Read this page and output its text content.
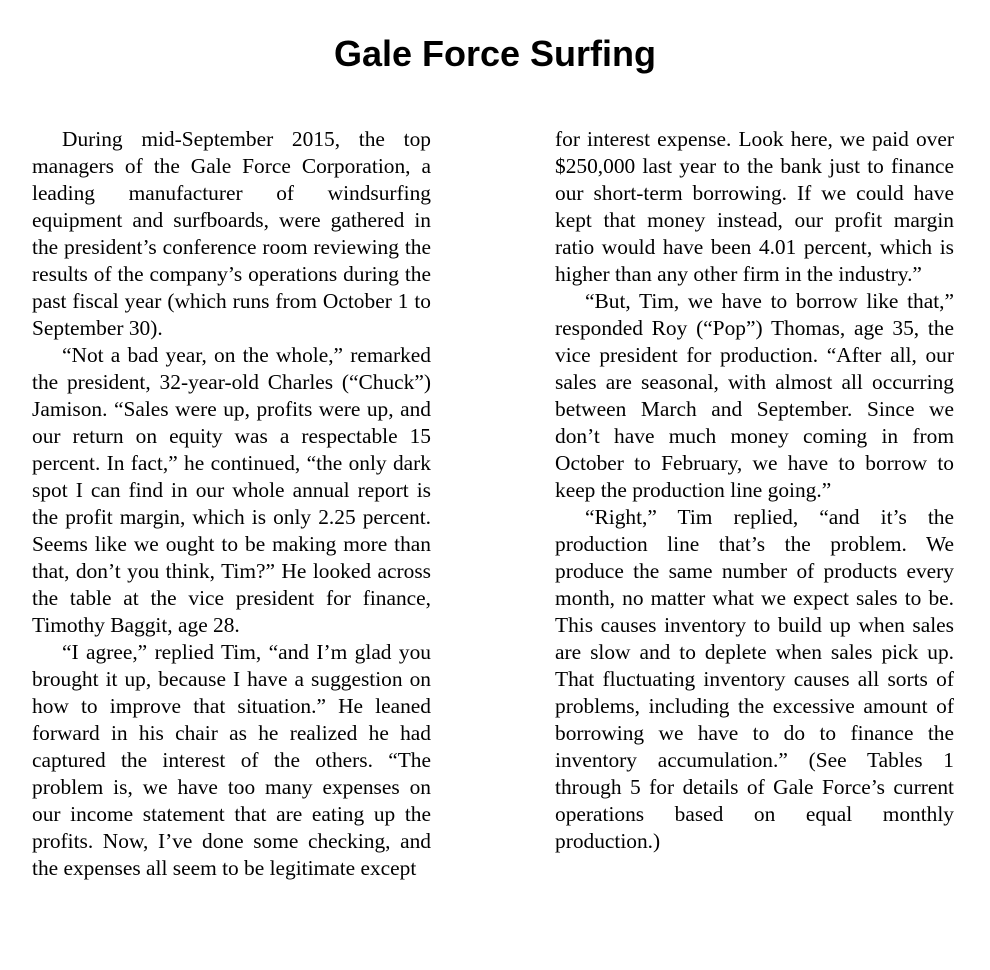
Gale Force Surfing

During mid-September 2015, the top managers of the Gale Force Corporation, a leading manufacturer of windsurfing equipment and surfboards, were gathered in the president’s conference room reviewing the results of the company’s operations during the past fiscal year (which runs from October 1 to September 30).

“Not a bad year, on the whole,” remarked the president, 32-year-old Charles (“Chuck”) Jamison. “Sales were up, profits were up, and our return on equity was a respectable 15 percent. In fact,” he continued, “the only dark spot I can find in our whole annual report is the profit margin, which is only 2.25 percent. Seems like we ought to be making more than that, don’t you think, Tim?” He looked across the table at the vice president for finance, Timothy Baggit, age 28.

“I agree,” replied Tim, “and I’m glad you brought it up, because I have a suggestion on how to improve that situation.” He leaned forward in his chair as he realized he had captured the interest of the others. “The problem is, we have too many expenses on our income statement that are eating up the profits. Now, I’ve done some checking, and the expenses all seem to be legitimate except

for interest expense. Look here, we paid over $250,000 last year to the bank just to finance our short-term borrowing. If we could have kept that money instead, our profit margin ratio would have been 4.01 percent, which is higher than any other firm in the industry.”

“But, Tim, we have to borrow like that,” responded Roy (“Pop”) Thomas, age 35, the vice president for production. “After all, our sales are seasonal, with almost all occurring between March and September. Since we don’t have much money coming in from October to February, we have to borrow to keep the production line going.”

“Right,” Tim replied, “and it’s the production line that’s the problem. We produce the same number of products every month, no matter what we expect sales to be. This causes inventory to build up when sales are slow and to deplete when sales pick up. That fluctuating inventory causes all sorts of problems, including the excessive amount of borrowing we have to do to finance the inventory accumulation.” (See Tables 1 through 5 for details of Gale Force’s current operations based on equal monthly production.)
